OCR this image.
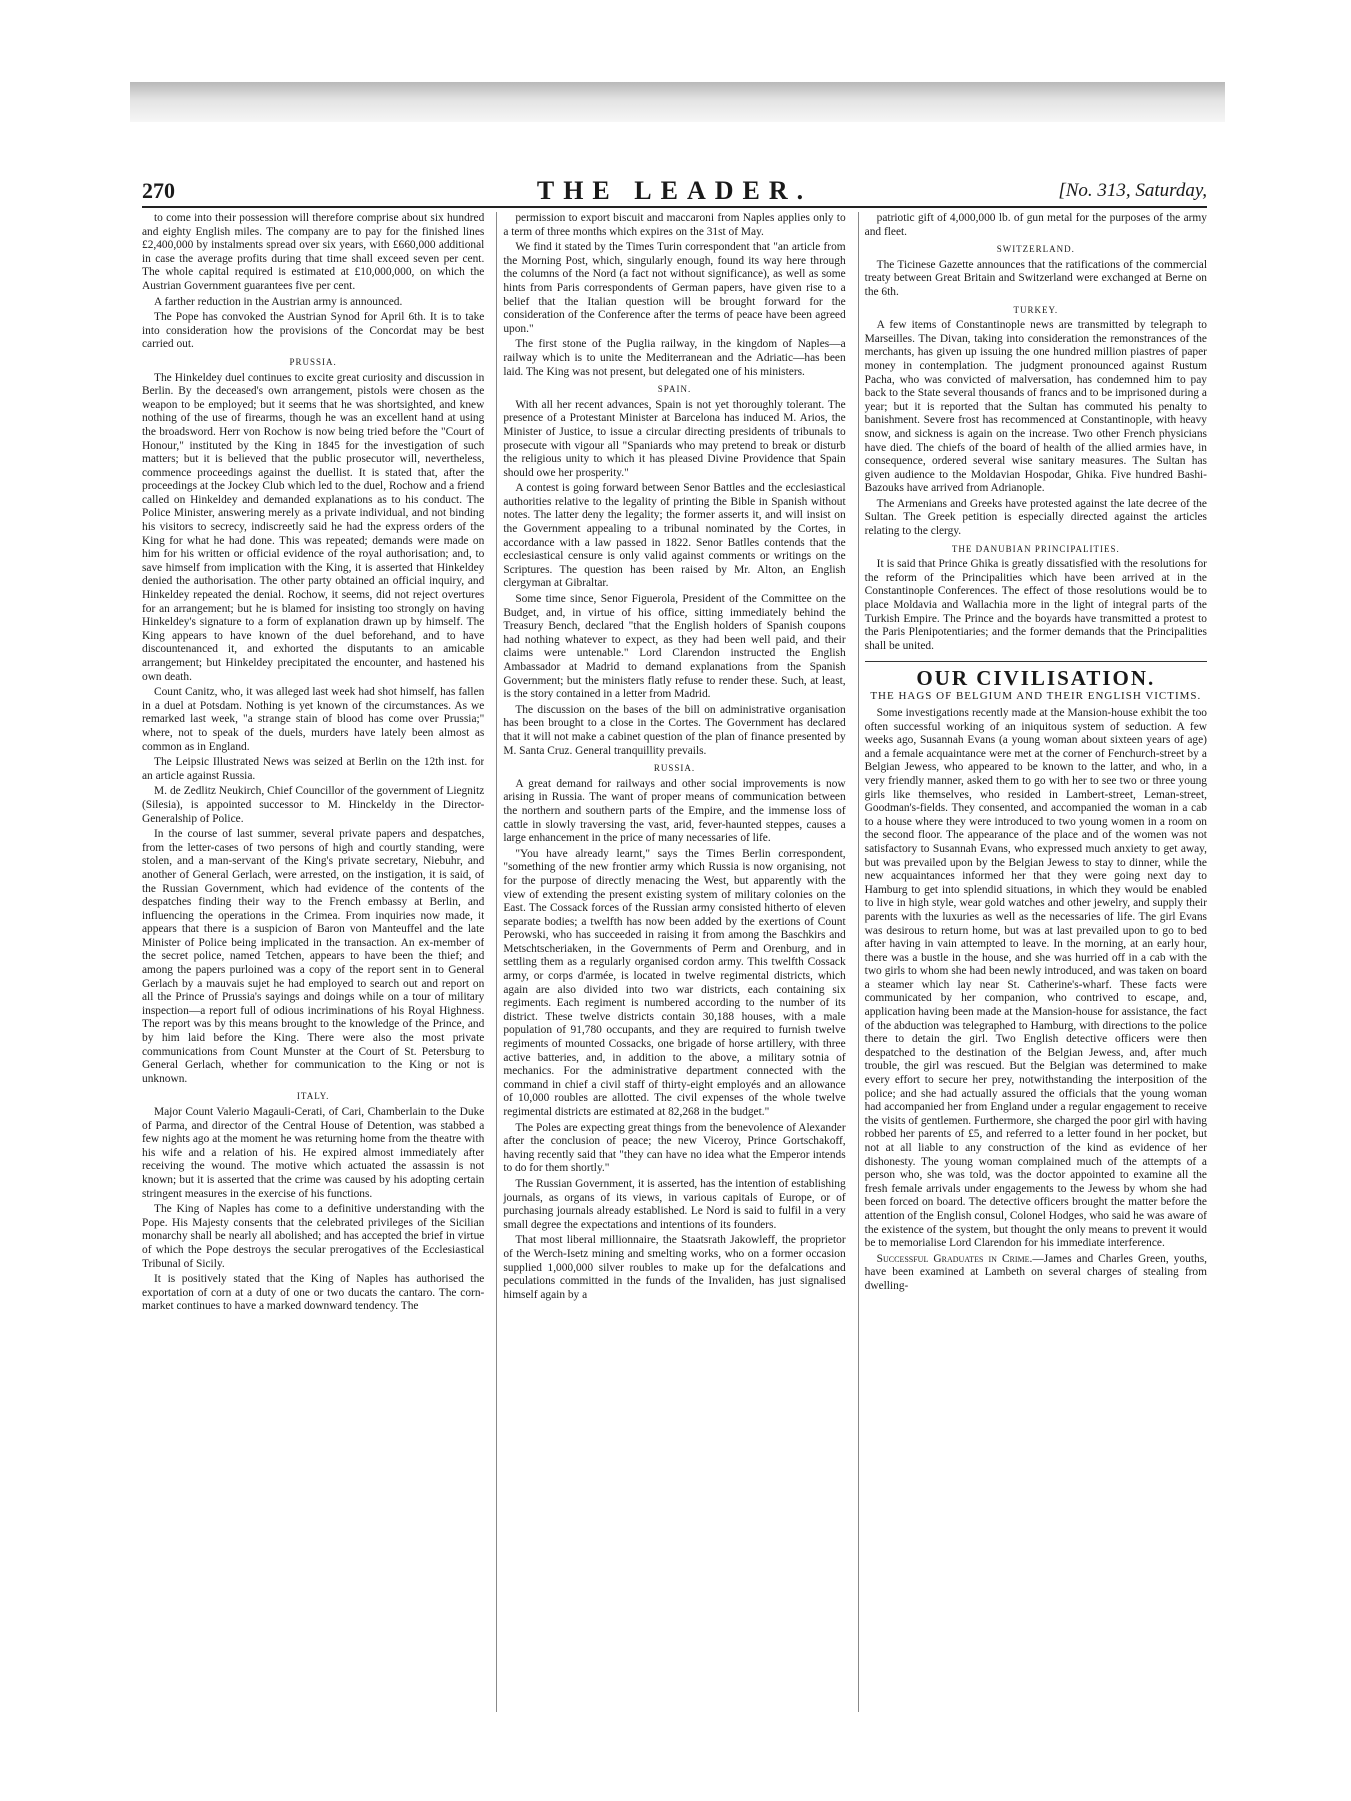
270	THE LEADER.	[No. 313, Saturday,

to come into their possession will therefore comprise about six hundred and eighty English miles. The company are to pay for the finished lines £2,400,000 by instalments spread over six years, with £660,000 additional in case the average profits during that time shall exceed seven per cent. The whole capital required is estimated at £10,000,000, on which the Austrian Government guarantees five per cent.

A farther reduction in the Austrian army is announced.

The Pope has convoked the Austrian Synod for April 6th. It is to take into consideration how the provisions of the Concordat may be best carried out.

PRUSSIA.

The Hinkeldey duel continues to excite great curiosity and discussion in Berlin. By the deceased's own arrangement, pistols were chosen as the weapon to be employed; but it seems that he was shortsighted, and knew nothing of the use of firearms, though he was an excellent hand at using the broadsword. Herr von Rochow is now being tried before the "Court of Honour," instituted by the King in 1845 for the investigation of such matters; but it is believed that the public prosecutor will, nevertheless, commence proceedings against the duellist. It is stated that, after the proceedings at the Jockey Club which led to the duel, Rochow and a friend called on Hinkeldey and demanded explanations as to his conduct. The Police Minister, answering merely as a private individual, and not binding his visitors to secrecy, indiscreetly said he had the express orders of the King for what he had done. This was repeated; demands were made on him for his written or official evidence of the royal authorisation; and, to save himself from implication with the King, it is asserted that Hinkeldey denied the authorisation. The other party obtained an official inquiry, and Hinkeldey repeated the denial. Rochow, it seems, did not reject overtures for an arrangement; but he is blamed for insisting too strongly on having Hinkeldey's signature to a form of explanation drawn up by himself. The King appears to have known of the duel beforehand, and to have discountenanced it, and exhorted the disputants to an amicable arrangement; but Hinkeldey precipitated the encounter, and hastened his own death.

Count Canitz, who, it was alleged last week had shot himself, has fallen in a duel at Potsdam. Nothing is yet known of the circumstances. As we remarked last week, "a strange stain of blood has come over Prussia;" where, not to speak of the duels, murders have lately been almost as common as in England.

The Leipsic Illustrated News was seized at Berlin on the 12th inst. for an article against Russia.

M. de Zedlitz Neukirch, Chief Councillor of the government of Liegnitz (Silesia), is appointed successor to M. Hinckeldy in the Director-Generalship of Police.

In the course of last summer, several private papers and despatches, from the letter-cases of two persons of high and courtly standing, were stolen, and a man-servant of the King's private secretary, Niebuhr, and another of General Gerlach, were arrested, on the instigation, it is said, of the Russian Government, which had evidence of the contents of the despatches finding their way to the French embassy at Berlin, and influencing the operations in the Crimea. From inquiries now made, it appears that there is a suspicion of Baron von Manteuffel and the late Minister of Police being implicated in the transaction. An ex-member of the secret police, named Tetchen, appears to have been the thief; and among the papers purloined was a copy of the report sent in to General Gerlach by a mauvais sujet he had employed to search out and report on all the Prince of Prussia's sayings and doings while on a tour of military inspection—a report full of odious incriminations of his Royal Highness. The report was by this means brought to the knowledge of the Prince, and by him laid before the King. There were also the most private communications from Count Munster at the Court of St. Petersburg to General Gerlach, whether for communication to the King or not is unknown.

ITALY.

Major Count Valerio Magauli-Cerati, of Cari, Chamberlain to the Duke of Parma, and director of the Central House of Detention, was stabbed a few nights ago at the moment he was returning home from the theatre with his wife and a relation of his. He expired almost immediately after receiving the wound. The motive which actuated the assassin is not known; but it is asserted that the crime was caused by his adopting certain stringent measures in the exercise of his functions.

The King of Naples has come to a definitive understanding with the Pope. His Majesty consents that the celebrated privileges of the Sicilian monarchy shall be nearly all abolished; and has accepted the brief in virtue of which the Pope destroys the secular prerogatives of the Ecclesiastical Tribunal of Sicily.

It is positively stated that the King of Naples has authorised the exportation of corn at a duty of one or two ducats the cantaro. The corn-market continues to have a marked downward tendency. The

permission to export biscuit and maccaroni from Naples applies only to a term of three months which expires on the 31st of May.

We find it stated by the Times Turin correspondent that "an article from the Morning Post, which, singularly enough, found its way here through the columns of the Nord (a fact not without significance), as well as some hints from Paris correspondents of German papers, have given rise to a belief that the Italian question will be brought forward for the consideration of the Conference after the terms of peace have been agreed upon."

The first stone of the Puglia railway, in the kingdom of Naples—a railway which is to unite the Mediterranean and the Adriatic—has been laid. The King was not present, but delegated one of his ministers.

SPAIN.

With all her recent advances, Spain is not yet thoroughly tolerant. The presence of a Protestant Minister at Barcelona has induced M. Arios, the Minister of Justice, to issue a circular directing presidents of tribunals to prosecute with vigour all "Spaniards who may pretend to break or disturb the religious unity to which it has pleased Divine Providence that Spain should owe her prosperity."

A contest is going forward between Senor Battles and the ecclesiastical authorities relative to the legality of printing the Bible in Spanish without notes. The latter deny the legality; the former asserts it, and will insist on the Government appealing to a tribunal nominated by the Cortes, in accordance with a law passed in 1822. Senor Batlles contends that the ecclesiastical censure is only valid against comments or writings on the Scriptures. The question has been raised by Mr. Alton, an English clergyman at Gibraltar.

Some time since, Senor Figuerola, President of the Committee on the Budget, and, in virtue of his office, sitting immediately behind the Treasury Bench, declared "that the English holders of Spanish coupons had nothing whatever to expect, as they had been well paid, and their claims were untenable." Lord Clarendon instructed the English Ambassador at Madrid to demand explanations from the Spanish Government; but the ministers flatly refuse to render these. Such, at least, is the story contained in a letter from Madrid.

The discussion on the bases of the bill on administrative organisation has been brought to a close in the Cortes. The Government has declared that it will not make a cabinet question of the plan of finance presented by M. Santa Cruz. General tranquillity prevails.

RUSSIA.

A great demand for railways and other social improvements is now arising in Russia. The want of proper means of communication between the northern and southern parts of the Empire, and the immense loss of cattle in slowly traversing the vast, arid, fever-haunted steppes, causes a large enhancement in the price of many necessaries of life.

"You have already learnt," says the Times Berlin correspondent, "something of the new frontier army which Russia is now organising, not for the purpose of directly menacing the West, but apparently with the view of extending the present existing system of military colonies on the East. The Cossack forces of the Russian army consisted hitherto of eleven separate bodies; a twelfth has now been added by the exertions of Count Perowski, who has succeeded in raising it from among the Baschkirs and Metschtscheriaken, in the Governments of Perm and Orenburg, and in settling them as a regularly organised cordon army. This twelfth Cossack army, or corps d'armée, is located in twelve regimental districts, which again are also divided into two war districts, each containing six regiments. Each regiment is numbered according to the number of its district. These twelve districts contain 30,188 houses, with a male population of 91,780 occupants, and they are required to furnish twelve regiments of mounted Cossacks, one brigade of horse artillery, with three active batteries, and, in addition to the above, a military sotnia of mechanics. For the administrative department connected with the command in chief a civil staff of thirty-eight employés and an allowance of 10,000 roubles are allotted. The civil expenses of the whole twelve regimental districts are estimated at 82,268 in the budget."

The Poles are expecting great things from the benevolence of Alexander after the conclusion of peace; the new Viceroy, Prince Gortschakoff, having recently said that "they can have no idea what the Emperor intends to do for them shortly."

The Russian Government, it is asserted, has the intention of establishing journals, as organs of its views, in various capitals of Europe, or of purchasing journals already established. Le Nord is said to fulfil in a very small degree the expectations and intentions of its founders.

That most liberal millionnaire, the Staatsrath Jakowleff, the proprietor of the Werch-Isetz mining and smelting works, who on a former occasion supplied 1,000,000 silver roubles to make up for the defalcations and peculations committed in the funds of the Invaliden, has just signalised himself again by a

patriotic gift of 4,000,000 lb. of gun metal for the purposes of the army and fleet.

SWITZERLAND.

The Ticinese Gazette announces that the ratifications of the commercial treaty between Great Britain and Switzerland were exchanged at Berne on the 6th.

TURKEY.

A few items of Constantinople news are transmitted by telegraph to Marseilles. The Divan, taking into consideration the remonstrances of the merchants, has given up issuing the one hundred million piastres of paper money in contemplation. The judgment pronounced against Rustum Pacha, who was convicted of malversation, has condemned him to pay back to the State several thousands of francs and to be imprisoned during a year; but it is reported that the Sultan has commuted his penalty to banishment. Severe frost has recommenced at Constantinople, with heavy snow, and sickness is again on the increase. Two other French physicians have died. The chiefs of the board of health of the allied armies have, in consequence, ordered several wise sanitary measures. The Sultan has given audience to the Moldavian Hospodar, Ghika. Five hundred Bashi-Bazouks have arrived from Adrianople.

The Armenians and Greeks have protested against the late decree of the Sultan. The Greek petition is especially directed against the articles relating to the clergy.

THE DANUBIAN PRINCIPALITIES.

It is said that Prince Ghika is greatly dissatisfied with the resolutions for the reform of the Principalities which have been arrived at in the Constantinople Conferences. The effect of those resolutions would be to place Moldavia and Wallachia more in the light of integral parts of the Turkish Empire. The Prince and the boyards have transmitted a protest to the Paris Plenipotentiaries; and the former demands that the Principalities shall be united.

OUR CIVILISATION.
THE HAGS OF BELGIUM AND THEIR ENGLISH VICTIMS.

Some investigations recently made at the Mansion-house exhibit the too often successful working of an iniquitous system of seduction. A few weeks ago, Susannah Evans (a young woman about sixteen years of age) and a female acquaintance were met at the corner of Fenchurch-street by a Belgian Jewess, who appeared to be known to the latter, and who, in a very friendly manner, asked them to go with her to see two or three young girls like themselves, who resided in Lambert-street, Leman-street, Goodman's-fields. They consented, and accompanied the woman in a cab to a house where they were introduced to two young women in a room on the second floor. The appearance of the place and of the women was not satisfactory to Susannah Evans, who expressed much anxiety to get away, but was prevailed upon by the Belgian Jewess to stay to dinner, while the new acquaintances informed her that they were going next day to Hamburg to get into splendid situations, in which they would be enabled to live in high style, wear gold watches and other jewelry, and supply their parents with the luxuries as well as the necessaries of life. The girl Evans was desirous to return home, but was at last prevailed upon to go to bed after having in vain attempted to leave. In the morning, at an early hour, there was a bustle in the house, and she was hurried off in a cab with the two girls to whom she had been newly introduced, and was taken on board a steamer which lay near St. Catherine's-wharf. These facts were communicated by her companion, who contrived to escape, and, application having been made at the Mansion-house for assistance, the fact of the abduction was telegraphed to Hamburg, with directions to the police there to detain the girl. Two English detective officers were then despatched to the destination of the Belgian Jewess, and, after much trouble, the girl was rescued. But the Belgian was determined to make every effort to secure her prey, notwithstanding the interposition of the police; and she had actually assured the officials that the young woman had accompanied her from England under a regular engagement to receive the visits of gentlemen. Furthermore, she charged the poor girl with having robbed her parents of £5, and referred to a letter found in her pocket, but not at all liable to any construction of the kind as evidence of her dishonesty. The young woman complained much of the attempts of a person who, she was told, was the doctor appointed to examine all the fresh female arrivals under engagements to the Jewess by whom she had been forced on board. The detective officers brought the matter before the attention of the English consul, Colonel Hodges, who said he was aware of the existence of the system, but thought the only means to prevent it would be to memorialise Lord Clarendon for his immediate interference.

Successful Graduates in Crime.—James and Charles Green, youths, have been examined at Lambeth on several charges of stealing from dwelling-
